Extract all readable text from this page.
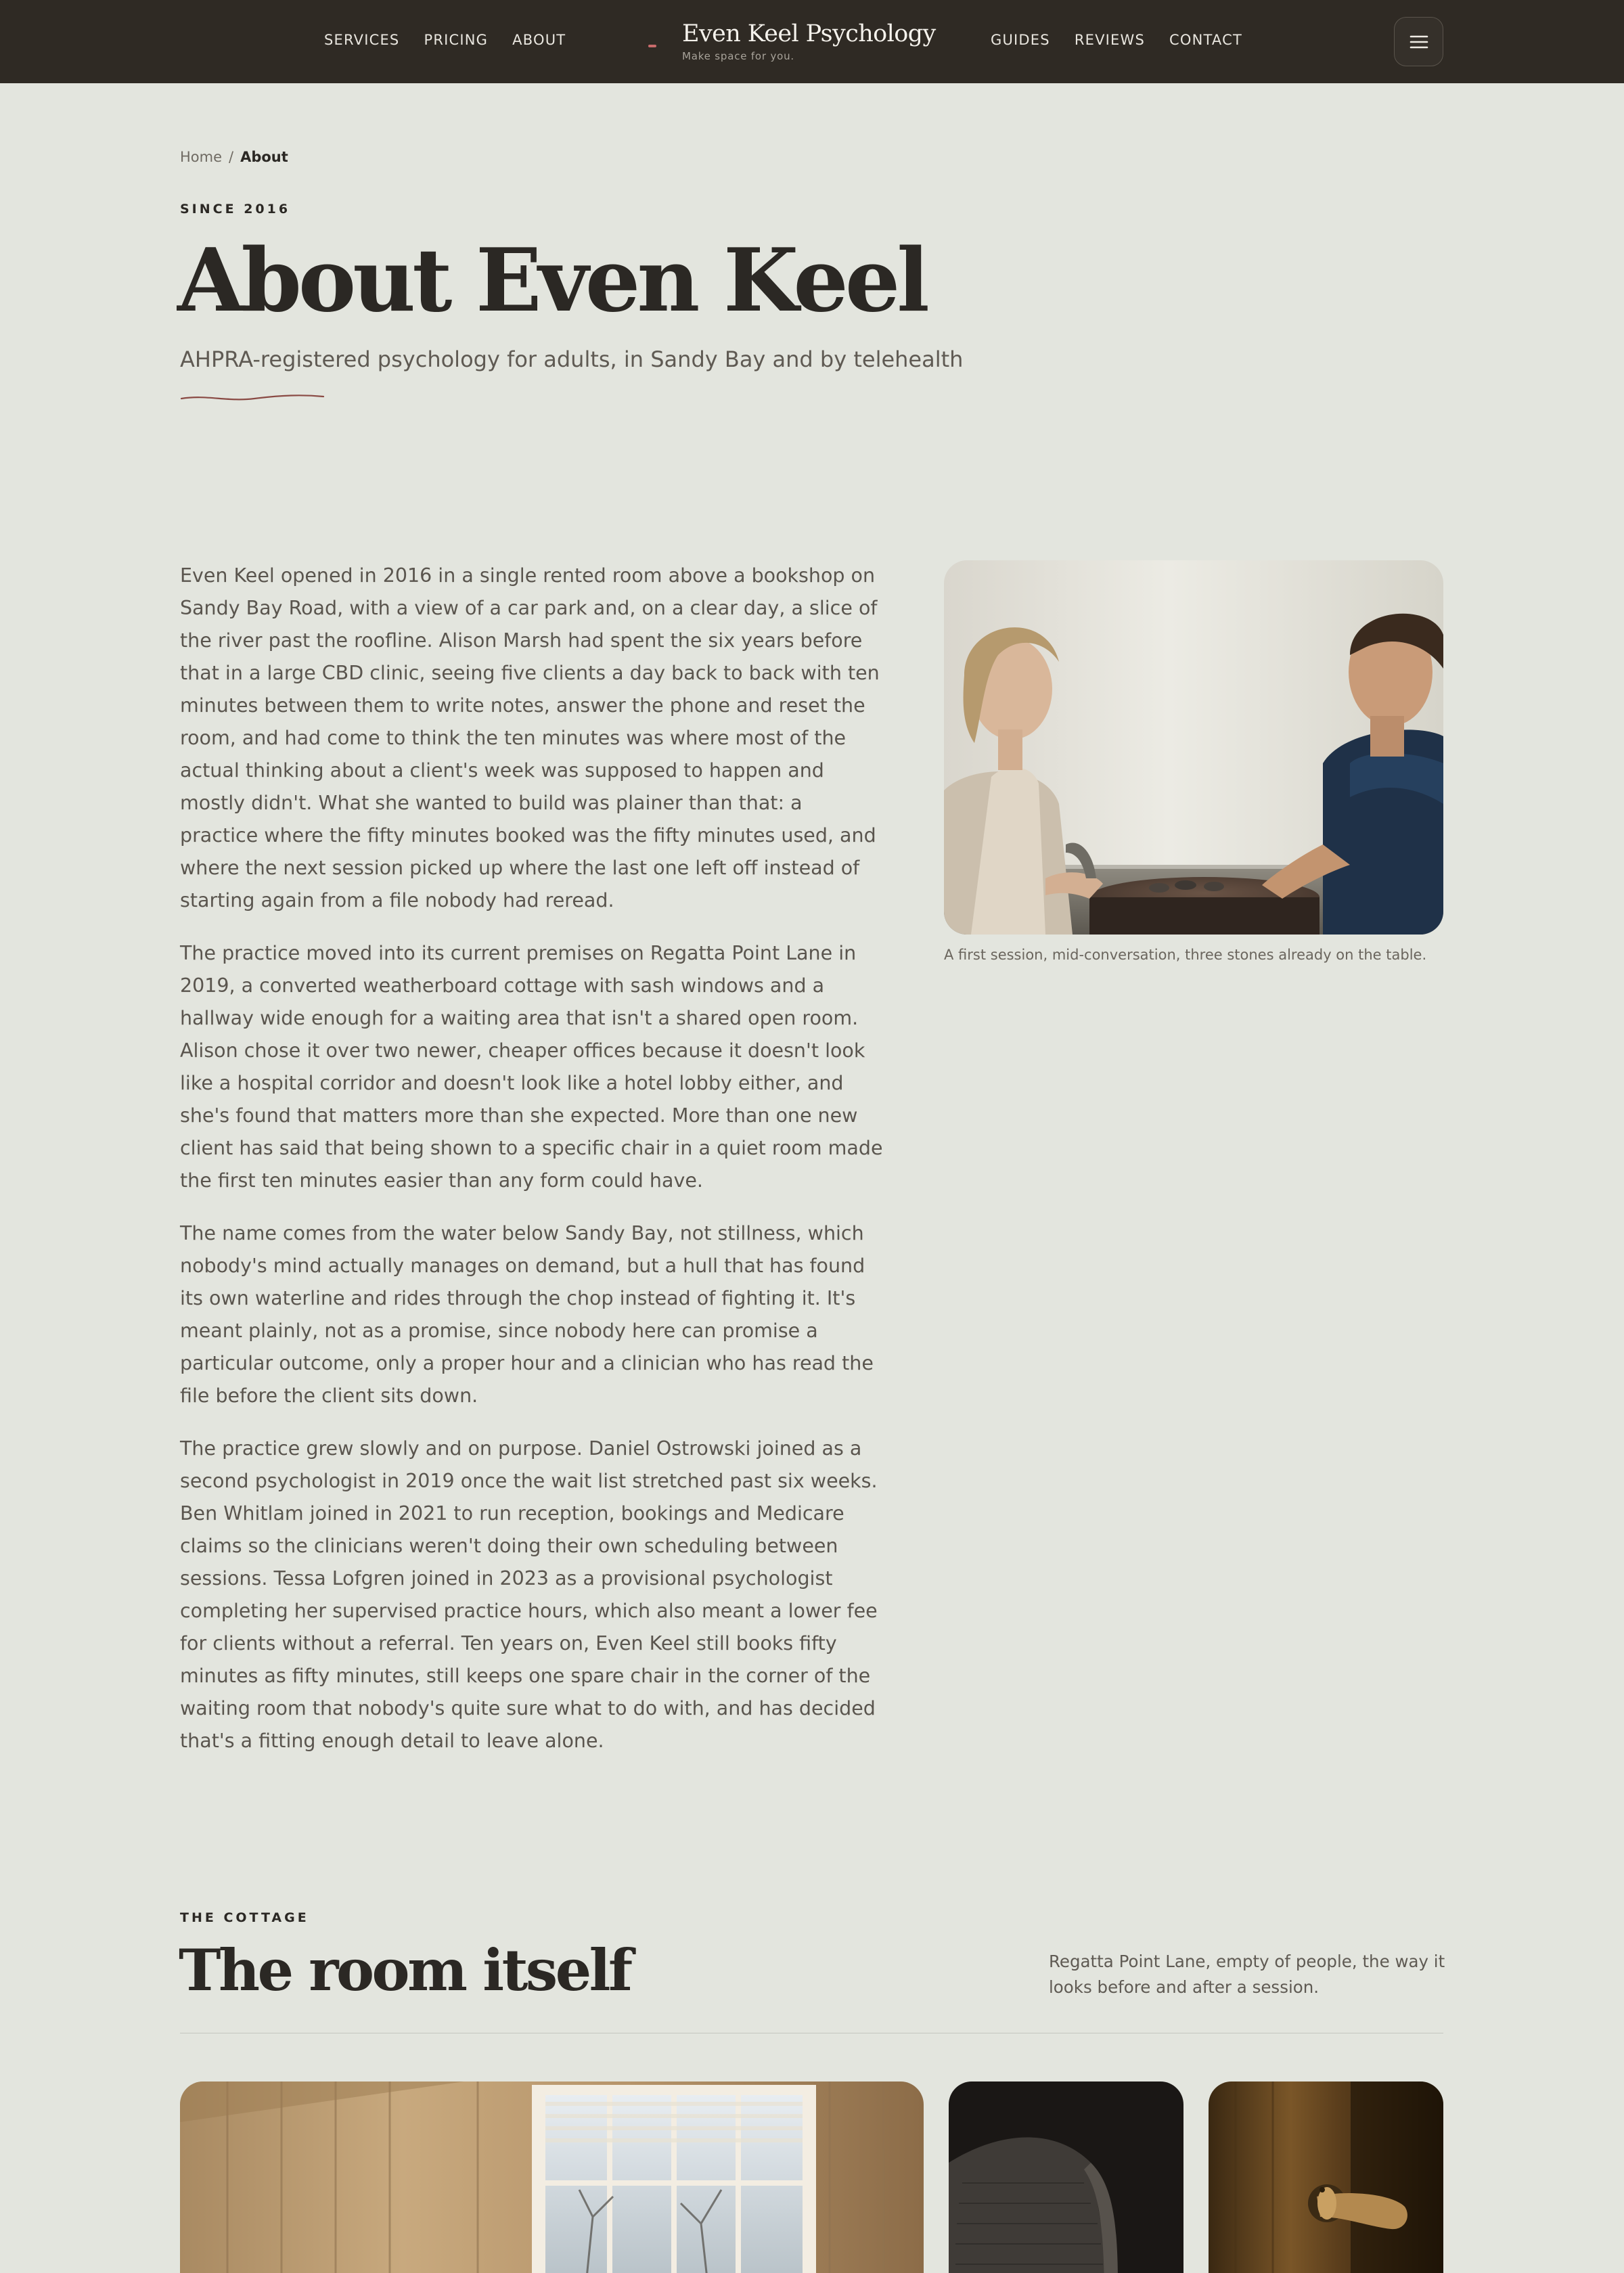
SERVICES PRICING ABOUT	Even Keel Psychology
Make space for you.
GUIDES REVIEWS CONTACT
Home / About
SINCE 2016
About Even Keel

AHPRA-registered psychology for adults, in Sandy Bay and by telehealth

Even Keel opened in 2016 in a single rented room above a bookshop on Sandy Bay Road, with a view of a car park and, on a clear day, a slice of the river past the roofline. Alison Marsh had spent the six years before that in a large CBD clinic, seeing five clients a day back to back with ten minutes between them to write notes, answer the phone and reset the room, and had come to think the ten minutes was where most of the actual thinking about a client's week was supposed to happen and mostly didn't. What she wanted to build was plainer than that: a practice where the fifty minutes booked was the fifty minutes used, and where the next session picked up where the last one left off instead of starting again from a file nobody had reread.

The practice moved into its current premises on Regatta Point Lane in 2019, a converted weatherboard cottage with sash windows and a hallway wide enough for a waiting area that isn't a shared open room. Alison chose it over two newer, cheaper offices because it doesn't look like a hospital corridor and doesn't look like a hotel lobby either, and she's found that matters more than she expected. More than one new client has said that being shown to a specific chair in a quiet room made the first ten minutes easier than any form could have.

The name comes from the water below Sandy Bay, not stillness, which nobody's mind actually manages on demand, but a hull that has found its own waterline and rides through the chop instead of fighting it. It's meant plainly, not as a promise, since nobody here can promise a particular outcome, only a proper hour and a clinician who has read the file before the client sits down.

The practice grew slowly and on purpose. Daniel Ostrowski joined as a second psychologist in 2019 once the wait list stretched past six weeks. Ben Whitlam joined in 2021 to run reception, bookings and Medicare claims so the clinicians weren't doing their own scheduling between sessions. Tessa Lofgren joined in 2023 as a provisional psychologist completing her supervised practice hours, which also meant a lower fee for clients without a referral. Ten years on, Even Keel still books fifty minutes as fifty minutes, still keeps one spare chair in the corner of the waiting room that nobody's quite sure what to do with, and has decided that's a fitting enough detail to leave alone.

A first session, mid-conversation, three stones already on the table.
THE COTTAGE
The room itself	Regatta Point Lane, empty of people, the way it looks before and after a session.
